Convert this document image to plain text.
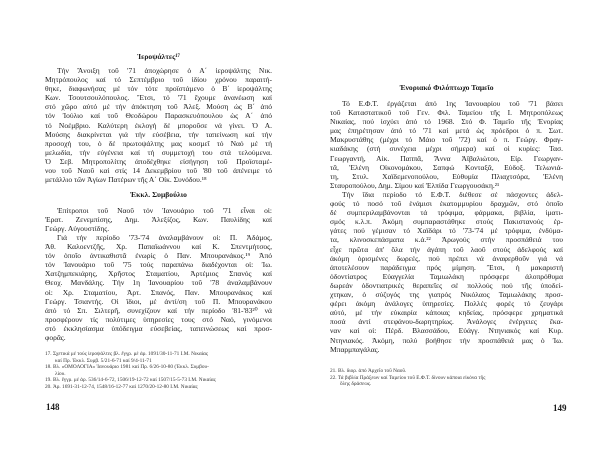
Ἱεροψάλτες¹⁷
Τήν Ἄνοιξη τοῦ '71 ἀποχώρησε ὁ Α΄ ἱεροψάλτης Νικ.
Μητρόπουλος καί τό Σεπτέμβριο τοῦ ἰδίου χρόνου παραιτή-
θηκε, διαφωνήσας μέ τόν τότε προϊστάμενο ὁ Β΄ ἱεροψάλτης
Κων. Τσουτσουλόπουλος. Ἔτσι, τό '71 ἔχουμε ἀνανέωση καί
στό χῶρο αὐτό μέ τήν ἀπόκτηση τοῦ Ἀλεξ. Μούση ὡς Β΄ ἀπό
τόν Ἰούλιο καί τοῦ Θεοδώρου Παρασκευόπουλου ὡς Α΄ ἀπό
τό Νοέμβριο. Καλύτερη ἐκλογή δέ μποροῦσε νά γίνει. Ὁ Α.
Μούσης διακρίνεται γιά τήν εὐσέβεια, τήν ταπείνωση καί τήν
προσοχή του, ὁ δέ πρωτοψάλτης μας κοσμεῖ τό Ναό μέ τή
μελωδία, τήν εὐγένεια καί τή συμμετοχή του στά τελούμενα.
Ὁ Σεβ. Μητροπολίτης ἀποδέχθηκε εἰσήγηση τοῦ Προϊσταμέ-
νου τοῦ Ναοῦ καί στίς 14 Δεκεμβρίου τοῦ '80 τοῦ ἀπένειμε τό
μετάλλιο τῶν Ἁγίων Πατέρων τῆς Α΄ Οἰκ. Συνόδου.¹⁸
Ἐκκλ. Συμβούλιο
Ἐπίτροποι τοῦ Ναοῦ τόν Ἰανουάριο τοῦ '71 εἶναι οἱ:
Ἐρατ. Ζενεμπίσης, Δημ. Ἀλεξίζος, Κων. Παυλίδης καί
Γεώργ. Αὐγουστίδης.
Γιά τήν περίοδο '73-'74 ἀναλαμβάνουν οἱ: Π. Ἀδάμος,
Ἀθ. Καλοεντζῆς, Χρ. Παπαϊωάννου καί Κ. Σπεντμήτσος,
τόν ὁποῖο ἀντικαθιστᾶ ἐνωρίς ὁ Παν. Μπουρανάκος.¹⁹ Ἀπό
τόν Ἰανουάριο τοῦ '75 τούς παραπάνω διαδέχονται οἱ: Ἰω.
Χατζημπεκιάρης, Χρῆστος Σταματίου, Ἀρτέμιος Σπανός καί
Θεοχ. Μανδάλης. Τήν 1η Ἰανουαρίου τοῦ '78 ἀναλαμβάνουν
οἱ: Χρ. Σταματίου, Ἀρτ. Σπανός, Παν. Μπουρανάκος καί
Γεώργ. Τσιαντής. Οἱ ἴδιοι, μέ ἀντί/ση τοῦ Π. Μπουρανάκου
ἀπό τό Σπ. Σιλτερῆ, συνεχίζουν καί τήν περίοδο '81-'83²⁰ νά
προσφέρουν τίς πολύτιμες ὑπηρεσίες τους στό Ναό, γινόμενοι
στό ἐκκλησίασμα ὑπόδειγμα εὐσεβείας, ταπεινώσεως καί προσ-
φορᾶς.
17. Σχετικά μέ τούς ἱεροψάλτες βλ. ἔγγρ. μέ ἀρ. 1091/30-11-71 Ι.Μ. Νικαίας
καί Πρ. Ἐκκλ. Συμβ. 5/21-6-71 καί 9/4-11-71
18. Βλ. «ΟΜΟΛΟΓΙΑ» Ἰανουάριο 1981 καί Πρ. 6/26-10-80 (Ἐκκλ. Συμβου-
λίου.
19. Βλ. ἔγγρ. μέ ἀρ. 536/14-6-72, 1506/19-12-72 καί 1507/15-5-73 Ι.Μ. Νικαίας
20. Ἀρ. 1691-31-12-74, 1548/16-12-77 καί 1270/20-12-80 Ι.Μ. Νικαίας
148
Ἐνοριακό Φιλόπτωχο Ταμεῖο
Τό Ε.Φ.Τ. ἐργάζεται ἀπό 1ης Ἰανουαρίου τοῦ '71 βάσει
τοῦ Καταστατικοῦ τοῦ Γεν. Φιλ. Ταμείου τῆς Ι. Μητροπόλεως
Νικαίας, πού ἰσχύει ἀπό τό 1968. Στό Φ. Ταμεῖο τῆς Ἐνορίας
μας ἐπηρέτησαν ἀπό τό '71 καί μετά ὡς πρόεδροι ὁ π. Σωτ.
Μακρυστάθης (μέχρι τό Μάιο τοῦ '72) καί ὁ π. Γεώργ. Φραγ-
κιαδάκης (στή συνέχεια μέχρι σήμερα) καί οἱ κυρίες: Τασ.
Γεωργαντή, Αἰκ. Παππᾶ, Ἄννα Ἀϊβαλιώτου, Εἰρ. Γεωργαν-
τᾶ, Ἑλένη Οἰκονομάκου, Σαπφώ Κονταξᾶ, Εὐδοξ. Τελωνιά-
τη, Στυλ. Χαϊδεμενοπούλου, Εὐθυμία Πλιαχτσόρα, Ἑλένη
Σταυροπούλου, Δημ. Σίμου καί Ἐλπίδα Γεωργουσάκη.²¹
Τήν ἴδια περίοδο τό Ε.Φ.Τ. διέθεσε σέ πάσχοντες ἀδελ-
φούς τό ποσό τοῦ ἑνάμισι ἑκατομμυρίου δραχμῶν, στό ὁποῖο
δέ συμπεριλαμβάνονται τά τρόφιμα, φάρμακα, βιβλία, ἱματι-
σμός κ.λ.π. Ἀκόμη συμπαραστάθηκε στούς Πακιστανούς ἐρ-
γάτες πού γέμισαν τό Χαϊδάρι τό '73-'74 μέ τρόφιμα, ἐνδύμα-
τα, κλινοσκεπάσματα κ.ά.²² Ἀρωγούς στήν προσπάθειά του
εἶχε πρῶτα ἀπ' ὅλα τήν ἀγάπη τοῦ λαοῦ στούς ἀδελφούς καί
ἀκόμη ὁρισμένες δωρεές, πού πρέπει νά ἀναφερθοῦν γιά νά
ἀποτελέσουν παράδειγμα πρός μίμηση. Ἔτσι, ἡ μακαριστή
ὀδοντίατρος Εὐαγγελία Ταμιωλάκη πρόσφερε ἀλοπρόθυμα
δωρεάν ὀδοντιατρικές θεραπεῖες σέ πολλούς πού τῆς ὑποδεί-
χτηκαν, ὁ σύζυγός της γιατρός Νικόλαος Ταμιωλάκης προσ-
φέρει ἀκόμη ἀνάλογες ὑπηρεσίες. Πολλές φορές τό ζευγάρι
αὐτό, μέ τήν εὐκαιρία κάποιας κηδείας, πρόσφερε χρηματικά
ποσά ἀντί στεφάνου-δωρητηρίως. Ἀνάλογες ἐνέργειες ἔκα-
ναν καί οἱ: Πέρδ. Βλασσάδου, Εὐάγγ. Ντηνιακός καί Κυρ.
Ντηνιακός. Ἀκόμη, πολύ βοήθησε τήν προσπάθειά μας ὁ Ἰω.
Μπαρμπαγάλας.
21. Βλ. διορ. ἀπό Ἀρχεῖο τοῦ Ναοῦ.
22. Τά βιβλία Πράξεων καί Ταμείου τοῦ Ε.Φ.Τ. δίνουν κάποια εἰκόνα τῆς
ὅλης δράσεως.
149
